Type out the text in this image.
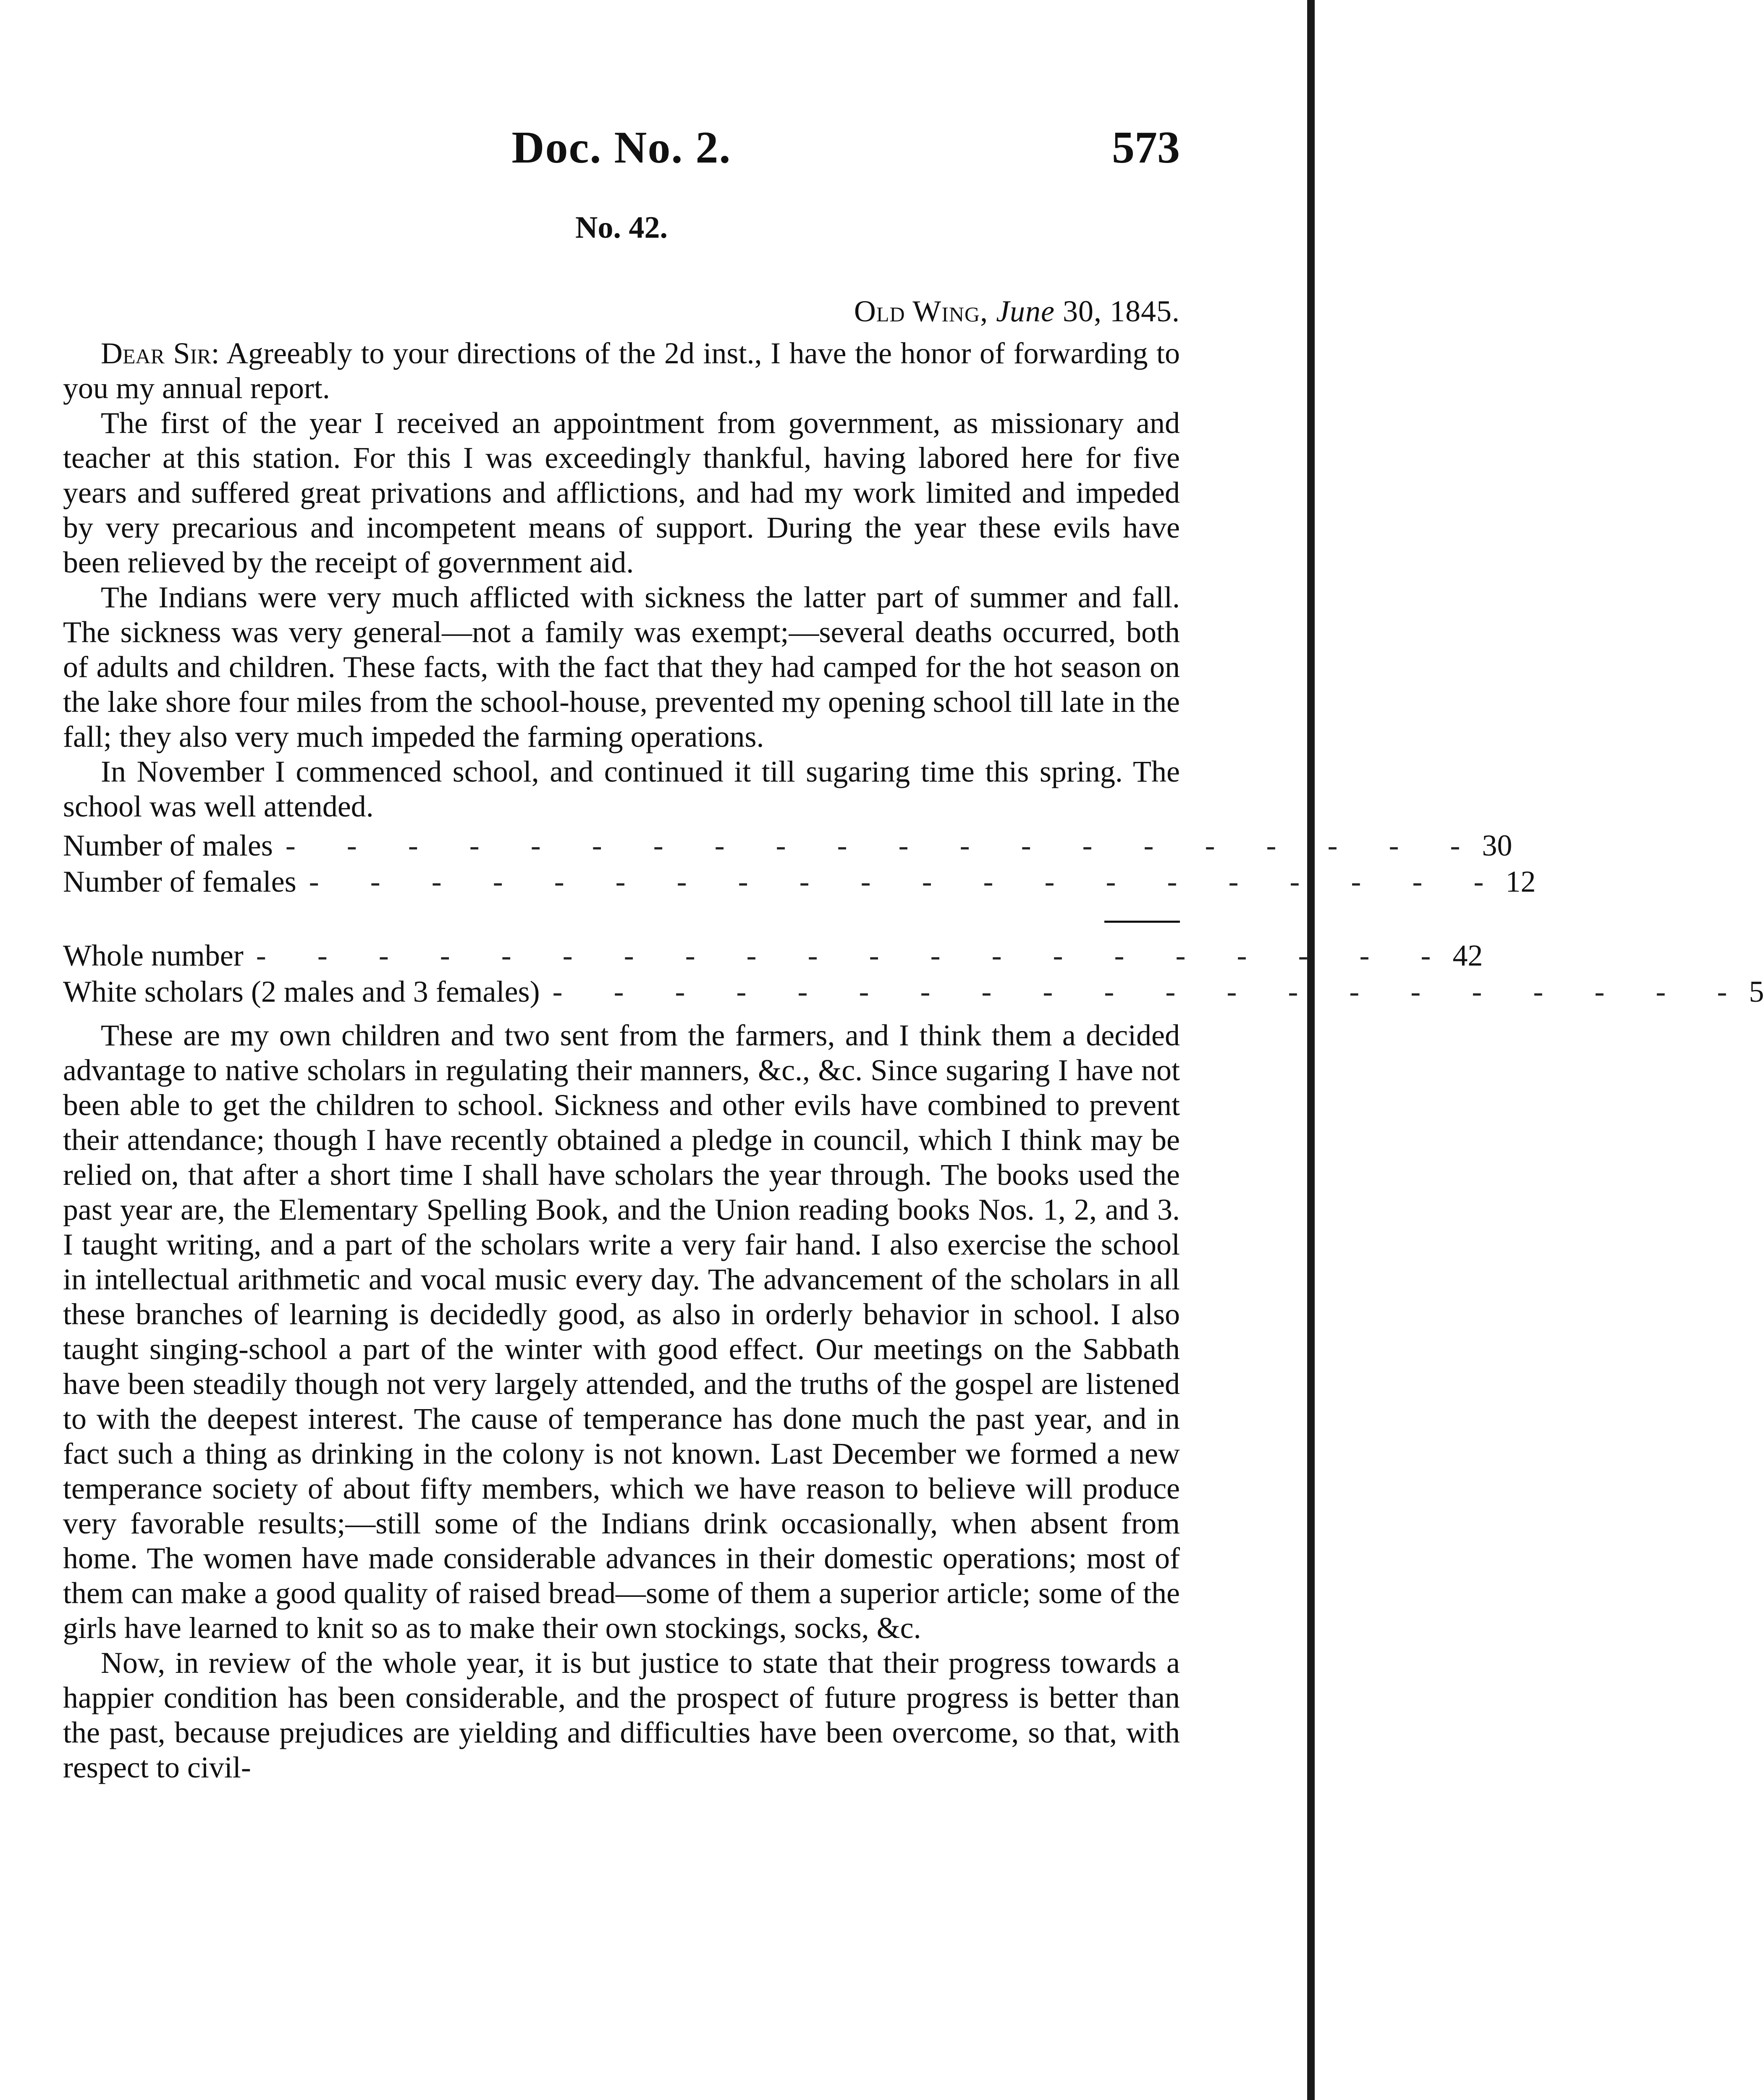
Doc. No. 2.	573
No. 42.
Old Wing, June 30, 1845.

Dear Sir: Agreeably to your directions of the 2d inst., I have the honor of forwarding to you my annual report.

The first of the year I received an appointment from government, as missionary and teacher at this station. For this I was exceedingly thankful, having labored here for five years and suffered great privations and afflictions, and had my work limited and impeded by very precarious and incompetent means of support. During the year these evils have been relieved by the receipt of government aid.

The Indians were very much afflicted with sickness the latter part of summer and fall. The sickness was very general—not a family was exempt;—several deaths occurred, both of adults and children. These facts, with the fact that they had camped for the hot season on the lake shore four miles from the school-house, prevented my opening school till late in the fall; they also very much impeded the farming operations.

In November I commenced school, and continued it till sugaring time this spring. The school was well attended.

Number of males - - - - - - - - - - - - - - - - - - - - 30
Number of females - - - - - - - - - - - - - - - - - - - - 12
Whole number - - - - - - - - - - - - - - - - - - - - 42
White scholars (2 males and 3 females) - - - - - - - - - - - - - - - - - - - - 5

These are my own children and two sent from the farmers, and I think them a decided advantage to native scholars in regulating their manners, &c., &c. Since sugaring I have not been able to get the children to school. Sickness and other evils have combined to prevent their attendance; though I have recently obtained a pledge in council, which I think may be relied on, that after a short time I shall have scholars the year through. The books used the past year are, the Elementary Spelling Book, and the Union reading books Nos. 1, 2, and 3. I taught writing, and a part of the scholars write a very fair hand. I also exercise the school in intellectual arithmetic and vocal music every day. The advancement of the scholars in all these branches of learning is decidedly good, as also in orderly behavior in school. I also taught singing-school a part of the winter with good effect. Our meetings on the Sabbath have been steadily though not very largely attended, and the truths of the gospel are listened to with the deepest interest. The cause of temperance has done much the past year, and in fact such a thing as drinking in the colony is not known. Last December we formed a new temperance society of about fifty members, which we have reason to believe will produce very favorable results;—still some of the Indians drink occasionally, when absent from home. The women have made considerable advances in their domestic operations; most of them can make a good quality of raised bread—some of them a superior article; some of the girls have learned to knit so as to make their own stockings, socks, &c.

Now, in review of the whole year, it is but justice to state that their progress towards a happier condition has been considerable, and the prospect of future progress is better than the past, because prejudices are yielding and difficulties have been overcome, so that, with respect to civil-
